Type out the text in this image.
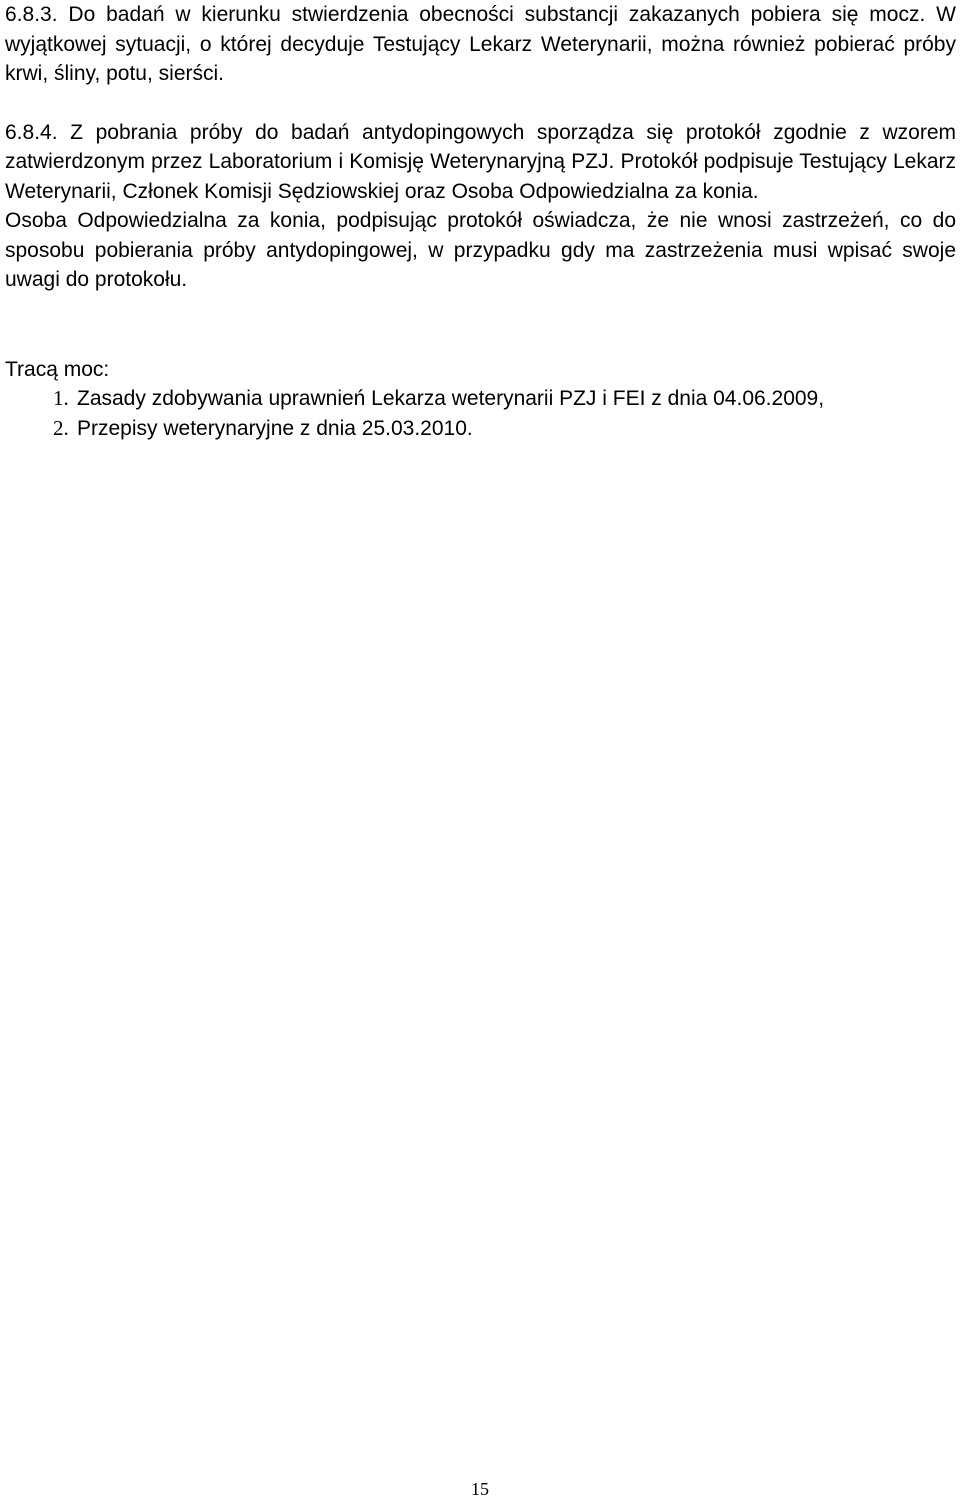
6.8.3. Do badań w kierunku stwierdzenia obecności substancji zakazanych pobiera się mocz. W wyjątkowej sytuacji, o której decyduje Testujący Lekarz Weterynarii, można również pobierać próby krwi, śliny, potu, sierści.

6.8.4. Z pobrania próby do badań antydopingowych sporządza się protokół zgodnie z wzorem zatwierdzonym przez Laboratorium i Komisję Weterynaryjną PZJ. Protokół podpisuje Testujący Lekarz Weterynarii, Członek Komisji Sędziowskiej oraz Osoba Odpowiedzialna za konia.

Osoba Odpowiedzialna za konia, podpisując protokół oświadcza, że nie wnosi zastrzeżeń, co do sposobu pobierania próby antydopingowej, w przypadku gdy ma zastrzeżenia musi wpisać swoje uwagi do protokołu.

Tracą moc:

1. Zasady zdobywania uprawnień Lekarza weterynarii PZJ i FEI z dnia 04.06.2009,
2. Przepisy weterynaryjne z dnia 25.03.2010.
15
